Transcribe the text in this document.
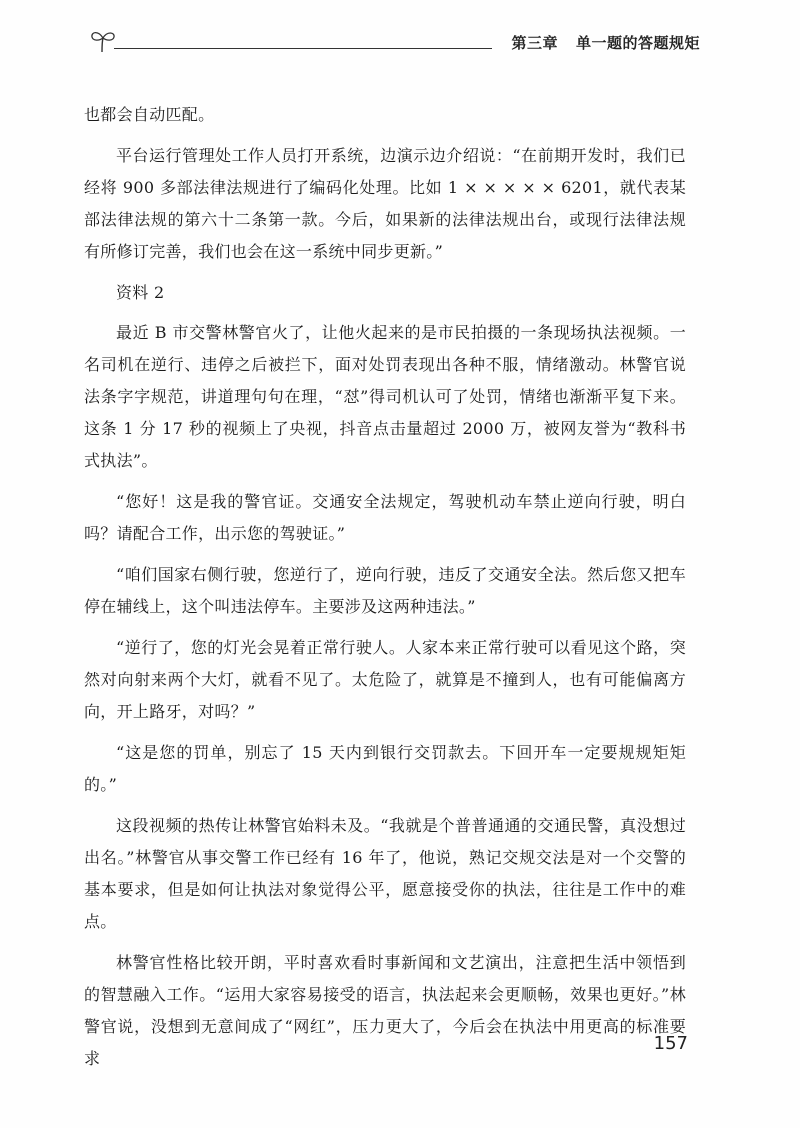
第三章 单一题的答题规矩

也都会自动匹配。

平台运行管理处工作人员打开系统，边演示边介绍说：“在前期开发时，我们已经将 900 多部法律法规进行了编码化处理。比如 1 × × × × × 6201，就代表某部法律法规的第六十二条第一款。今后，如果新的法律法规出台，或现行法律法规有所修订完善，我们也会在这一系统中同步更新。”

资料 2

最近 B 市交警林警官火了，让他火起来的是市民拍摄的一条现场执法视频。一名司机在逆行、违停之后被拦下，面对处罚表现出各种不服，情绪激动。林警官说法条字字规范，讲道理句句在理，“怼”得司机认可了处罚，情绪也渐渐平复下来。这条 1 分 17 秒的视频上了央视，抖音点击量超过 2000 万，被网友誉为“教科书式执法”。

“您好！这是我的警官证。交通安全法规定，驾驶机动车禁止逆向行驶，明白吗？请配合工作，出示您的驾驶证。”

“咱们国家右侧行驶，您逆行了，逆向行驶，违反了交通安全法。然后您又把车停在辅线上，这个叫违法停车。主要涉及这两种违法。”

“逆行了，您的灯光会晃着正常行驶人。人家本来正常行驶可以看见这个路，突然对向射来两个大灯，就看不见了。太危险了，就算是不撞到人，也有可能偏离方向，开上路牙，对吗？”

“这是您的罚单，别忘了 15 天内到银行交罚款去。下回开车一定要规规矩矩的。”

这段视频的热传让林警官始料未及。“我就是个普普通通的交通民警，真没想过出名。”林警官从事交警工作已经有 16 年了，他说，熟记交规交法是对一个交警的基本要求，但是如何让执法对象觉得公平，愿意接受你的执法，往往是工作中的难点。

林警官性格比较开朗，平时喜欢看时事新闻和文艺演出，注意把生活中领悟到的智慧融入工作。“运用大家容易接受的语言，执法起来会更顺畅，效果也更好。”林警官说，没想到无意间成了“网红”，压力更大了，今后会在执法中用更高的标准要求

157
